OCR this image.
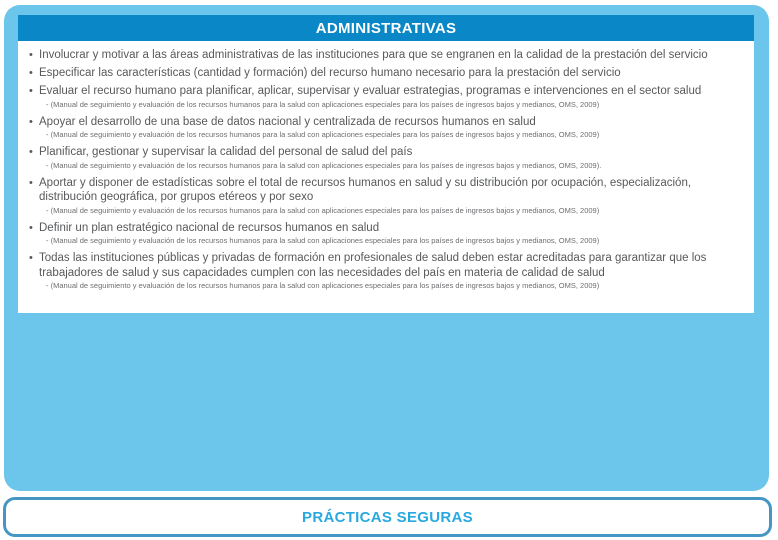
ADMINISTRATIVAS
• Involucrar y motivar a las áreas administrativas de las instituciones para que se engranen en la calidad de la prestación del servicio
• Especificar las características (cantidad y formación) del recurso humano necesario para la prestación del servicio
• Evaluar el recurso humano para planificar, aplicar, supervisar y evaluar estrategias, programas e intervenciones en el sector salud
- (Manual de seguimiento y evaluación de los recursos humanos para la salud con aplicaciones especiales para los países de ingresos bajos y medianos, OMS, 2009)
• Apoyar el desarrollo de una base de datos nacional y centralizada de recursos humanos en salud
- (Manual de seguimiento y evaluación de los recursos humanos para la salud con aplicaciones especiales para los países de ingresos bajos y medianos, OMS, 2009)
• Planificar, gestionar y supervisar la calidad del personal de salud del país
- (Manual de seguimiento y evaluación de los recursos humanos para la salud con aplicaciones especiales para los países de ingresos bajos y medianos, OMS, 2009).
• Aportar y disponer de estadísticas sobre el total de recursos humanos en salud y su distribución por ocupación, especialización, distribución geográfica, por grupos etéreos y por sexo
- (Manual de seguimiento y evaluación de los recursos humanos para la salud con aplicaciones especiales para los países de ingresos bajos y medianos, OMS, 2009)
• Definir un plan estratégico nacional de recursos humanos en salud
- (Manual de seguimiento y evaluación de los recursos humanos para la salud con aplicaciones especiales para los países de ingresos bajos y medianos, OMS, 2009)
• Todas las instituciones públicas y privadas de formación en profesionales de salud deben estar acreditadas para garantizar que los trabajadores de salud y sus capacidades cumplen con las necesidades del país en materia de calidad de salud
- (Manual de seguimiento y evaluación de los recursos humanos para la salud con aplicaciones especiales para los países de ingresos bajos y medianos, OMS, 2009)
PRÁCTICAS SEGURAS
